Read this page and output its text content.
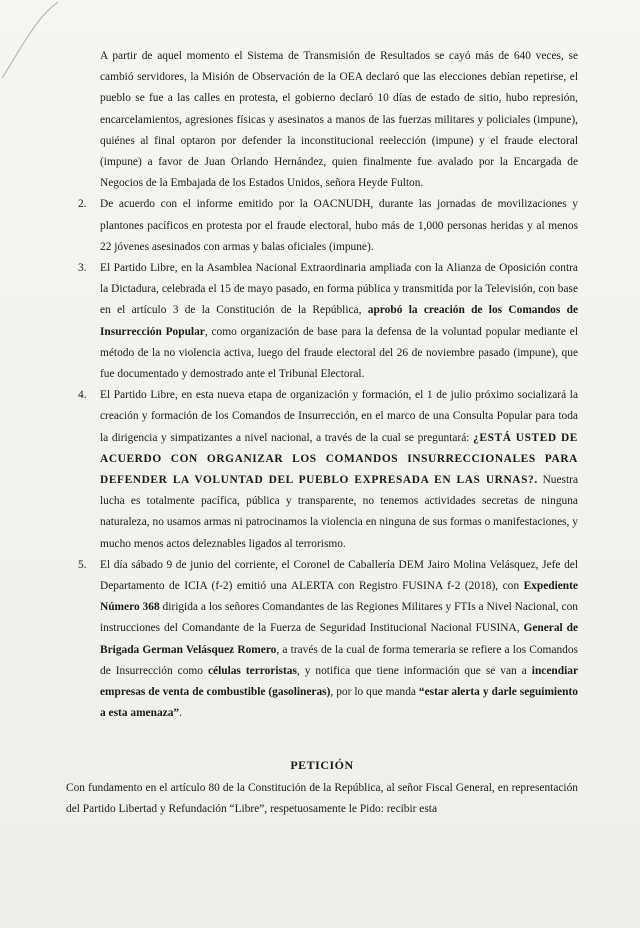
A partir de aquel momento el Sistema de Transmisión de Resultados se cayó más de 640 veces, se cambió servidores, la Misión de Observación de la OEA declaró que las elecciones debían repetirse, el pueblo se fue a las calles en protesta, el gobierno declaró 10 días de estado de sitio, hubo represión, encarcelamientos, agresiones físicas y asesinatos a manos de las fuerzas militares y policiales (impune), quiénes al final optaron por defender la inconstitucional reelección (impune) y el fraude electoral (impune) a favor de Juan Orlando Hernández, quien finalmente fue avalado por la Encargada de Negocios de la Embajada de los Estados Unidos, señora Heyde Fulton.

2.	De acuerdo con el informe emitido por la OACNUDH, durante las jornadas de movilizaciones y plantones pacíficos en protesta por el fraude electoral, hubo más de 1,000 personas heridas y al menos 22 jóvenes asesinados con armas y balas oficiales (impune).
3.	El Partido Libre, en la Asamblea Nacional Extraordinaria ampliada con la Alianza de Oposición contra la Dictadura, celebrada el 15 de mayo pasado, en forma pública y transmitida por la Televisión, con base en el artículo 3 de la Constitución de la República, aprobó la creación de los Comandos de Insurrección Popular, como organización de base para la defensa de la voluntad popular mediante el método de la no violencia activa, luego del fraude electoral del 26 de noviembre pasado (impune), que fue documentado y demostrado ante el Tribunal Electoral.
4.	El Partido Libre, en esta nueva etapa de organización y formación, el 1 de julio próximo socializará la creación y formación de los Comandos de Insurrección, en el marco de una Consulta Popular para toda la dirigencia y simpatizantes a nivel nacional, a través de la cual se preguntará: ¿ESTÁ USTED DE ACUERDO CON ORGANIZAR LOS COMANDOS INSURRECCIONALES PARA DEFENDER LA VOLUNTAD DEL PUEBLO EXPRESADA EN LAS URNAS?. Nuestra lucha es totalmente pacífica, pública y transparente, no tenemos actividades secretas de ninguna naturaleza, no usamos armas ni patrocinamos la violencia en ninguna de sus formas o manifestaciones, y mucho menos actos deleznables ligados al terrorismo.
5.	El día sábado 9 de junio del corriente, el Coronel de Caballería DEM Jairo Molina Velásquez, Jefe del Departamento de ICIA (f-2) emitió una ALERTA con Registro FUSINA f-2 (2018), con Expediente Número 368 dirigida a los señores Comandantes de las Regiones Militares y FTIs a Nivel Nacional, con instrucciones del Comandante de la Fuerza de Seguridad Institucional Nacional FUSINA, General de Brigada German Velásquez Romero, a través de la cual de forma temeraria se refiere a los Comandos de Insurrección como células terroristas, y notifica que tiene información que se van a incendiar empresas de venta de combustible (gasolineras), por lo que manda “estar alerta y darle seguimiento a esta amenaza”.
PETICIÓN

Con fundamento en el artículo 80 de la Constitución de la República, al señor Fiscal General, en representación del Partido Libertad y Refundación “Libre”, respetuosamente le Pido: recibir esta
